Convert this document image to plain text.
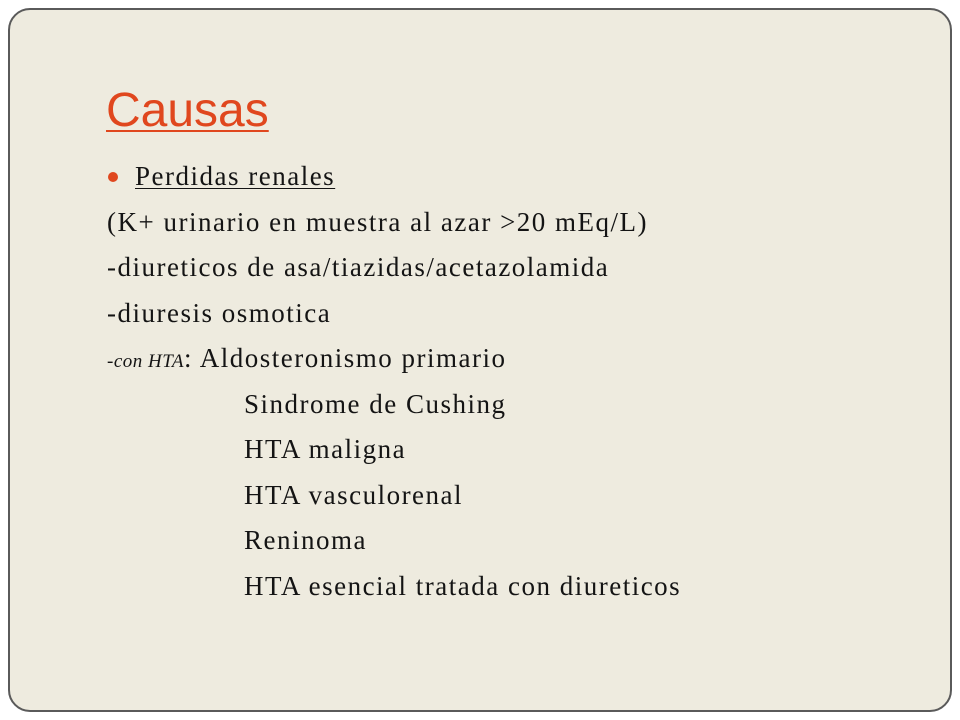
Causas
Perdidas renales
(K+ urinario en muestra al azar >20 mEq/L)
-diureticos de asa/tiazidas/acetazolamida
-diuresis osmotica
-con HTA: Aldosteronismo primario
Sindrome de Cushing
HTA maligna
HTA vasculorenal
Reninoma
HTA esencial tratada con diureticos
